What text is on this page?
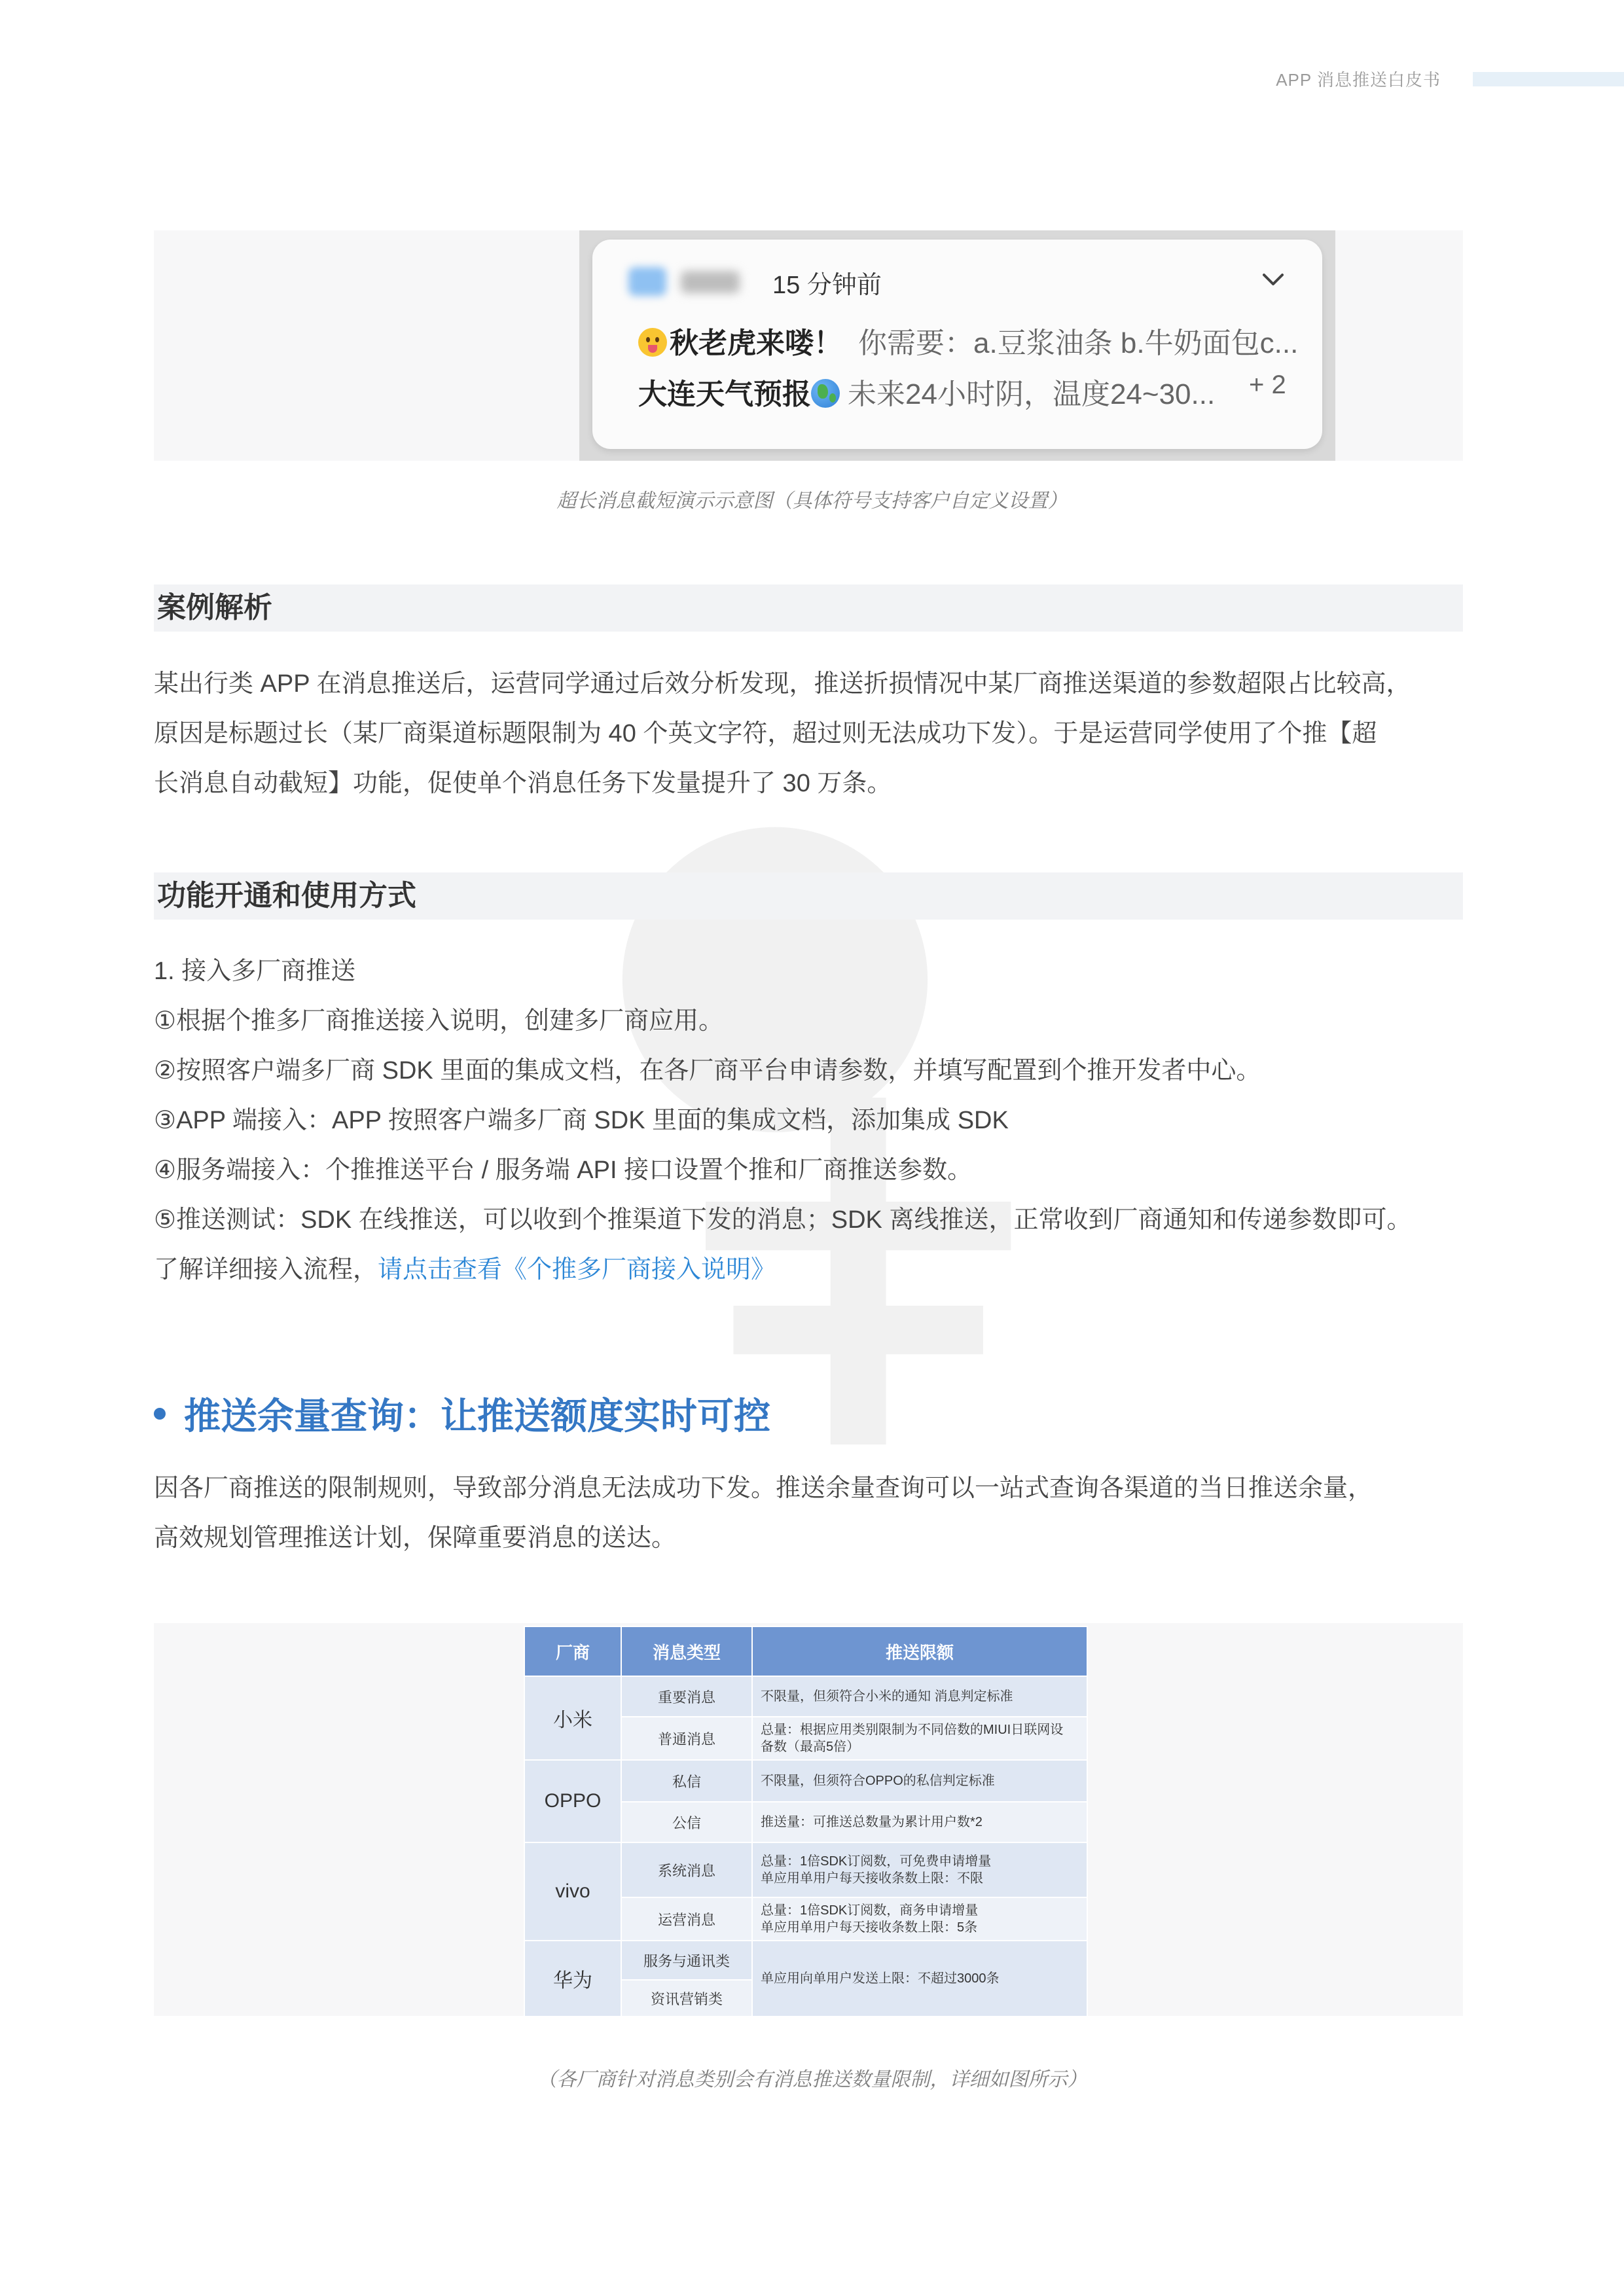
APP 消息推送白皮书
15 分钟前
秋老虎来喽！ 你需要：a.豆浆油条 b.牛奶面包c...
大连天气预报 未来24小时阴，温度24~30... + 2
超长消息截短演示示意图（具体符号支持客户自定义设置）
案例解析
某出行类 APP 在消息推送后，运营同学通过后效分析发现，推送折损情况中某厂商推送渠道的参数超限占比较高，
原因是标题过长（某厂商渠道标题限制为 40 个英文字符，超过则无法成功下发）。于是运营同学使用了个推【超
长消息自动截短】功能，促使单个消息任务下发量提升了 30 万条。
功能开通和使用方式
1. 接入多厂商推送
①根据个推多厂商推送接入说明，创建多厂商应用。
②按照客户端多厂商 SDK 里面的集成文档，在各厂商平台申请参数，并填写配置到个推开发者中心。
③APP 端接入：APP 按照客户端多厂商 SDK 里面的集成文档，添加集成 SDK
④服务端接入：个推推送平台 / 服务端 API 接口设置个推和厂商推送参数。
⑤推送测试：SDK 在线推送，可以收到个推渠道下发的消息；SDK 离线推送，正常收到厂商通知和传递参数即可。
了解详细接入流程，请点击查看《个推多厂商接入说明》
推送余量查询：让推送额度实时可控
因各厂商推送的限制规则，导致部分消息无法成功下发。推送余量查询可以一站式查询各渠道的当日推送余量，
高效规划管理推送计划，保障重要消息的送达。
厂商	消息类型	推送限额
小米	重要消息	不限量，但须符合小米的通知 消息判定标准
	普通消息	总量：根据应用类别限制为不同倍数的MIUI日联网设
备数（最高5倍）

OPPO	私信	不限量，但须符合OPPO的私信判定标准
	公信	推送量：可推送总数量为累计用户数*2
vivo	系统消息	总量：1倍SDK订阅数，可免费申请增量
单应用单用户每天接收条数上限：不限

	运营消息	总量：1倍SDK订阅数，商务申请增量
单应用单用户每天接收条数上限：5条

华为	服务与通讯类	单应用向单用户发送上限：不超过3000条
	资讯营销类	
（各厂商针对消息类别会有消息推送数量限制，详细如图所示）
